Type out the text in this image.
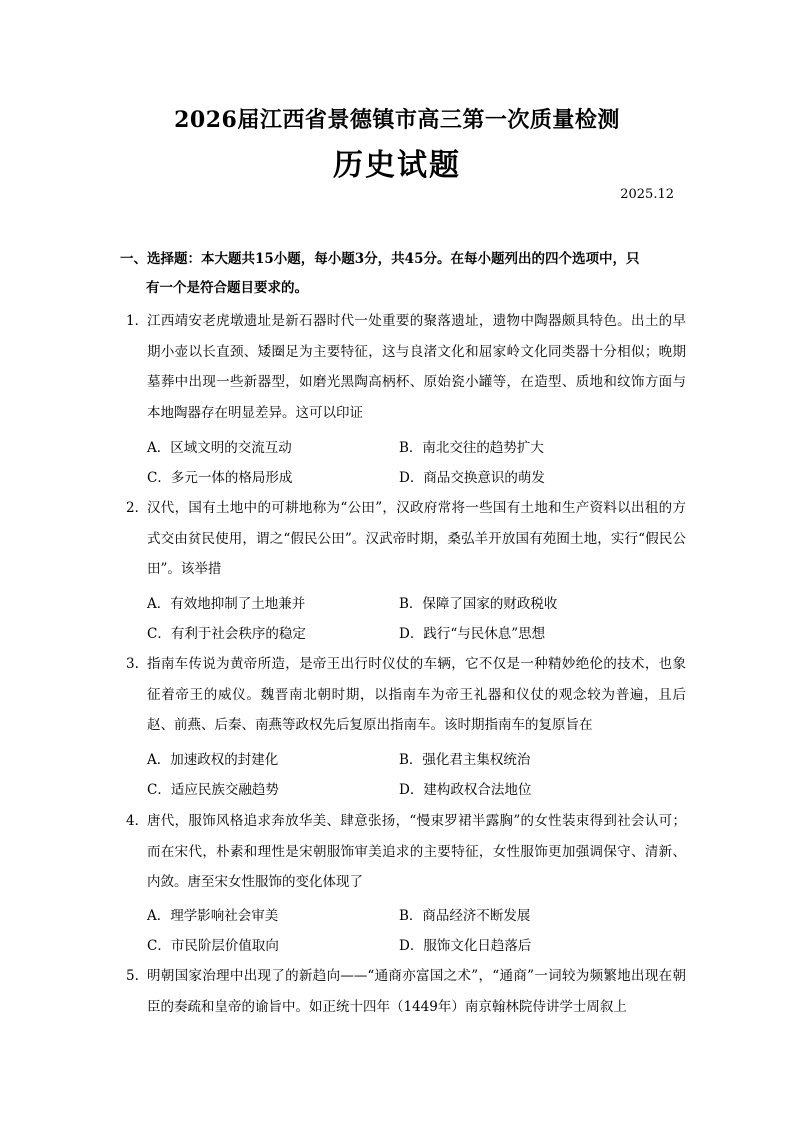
2026届江西省景德镇市高三第一次质量检测
历史试题
2025.12
一、选择题：本大题共15小题，每小题3分，共45分。在每小题列出的四个选项中，只
有一个是符合题目要求的。
1．
江西靖安老虎墩遗址是新石器时代一处重要的聚落遗址，遗物中陶器颇具特色。出土的早期小壶以长直颈、矮圈足为主要特征，这与良渚文化和屈家岭文化同类器十分相似；晚期墓葬中出现一些新器型，如磨光黑陶高柄杯、原始瓷小罐等，在造型、质地和纹饰方面与本地陶器存在明显差异。这可以印证
A．区域文明的交流互动	B．南北交往的趋势扩大
C．多元一体的格局形成	D．商品交换意识的萌发
2．
汉代，国有土地中的可耕地称为“公田”，汉政府常将一些国有土地和生产资料以出租的方式交由贫民使用，谓之“假民公田”。汉武帝时期，桑弘羊开放国有苑囿土地，实行“假民公田”。该举措
A．有效地抑制了土地兼并	B．保障了国家的财政税收
C．有利于社会秩序的稳定	D．践行“与民休息”思想
3. 指南车传说为黄帝所造，是帝王出行时仪仗的车辆，它不仅是一种精妙绝伦的技术，也象征着帝王的威仪。魏晋南北朝时期，以指南车为帝王礼器和仪仗的观念较为普遍，且后赵、前燕、后秦、南燕等政权先后复原出指南车。该时期指南车的复原旨在
A．加速政权的封建化	B．强化君主集权统治
C．适应民族交融趋势	D．建构政权合法地位
4．
唐代，服饰风格追求奔放华美、肆意张扬，“慢束罗裙半露胸”的女性装束得到社会认可；而在宋代，朴素和理性是宋朝服饰审美追求的主要特征，女性服饰更加强调保守、清新、内敛。唐至宋女性服饰的变化体现了
A．理学影响社会审美	B．商品经济不断发展
C．市民阶层价值取向	D．服饰文化日趋落后
5. 明朝国家治理中出现了的新趋向——“通商亦富国之术”，“通商”一词较为频繁地出现在朝臣的奏疏和皇帝的谕旨中。如正统十四年（1449年）南京翰林院侍讲学士周叙上
